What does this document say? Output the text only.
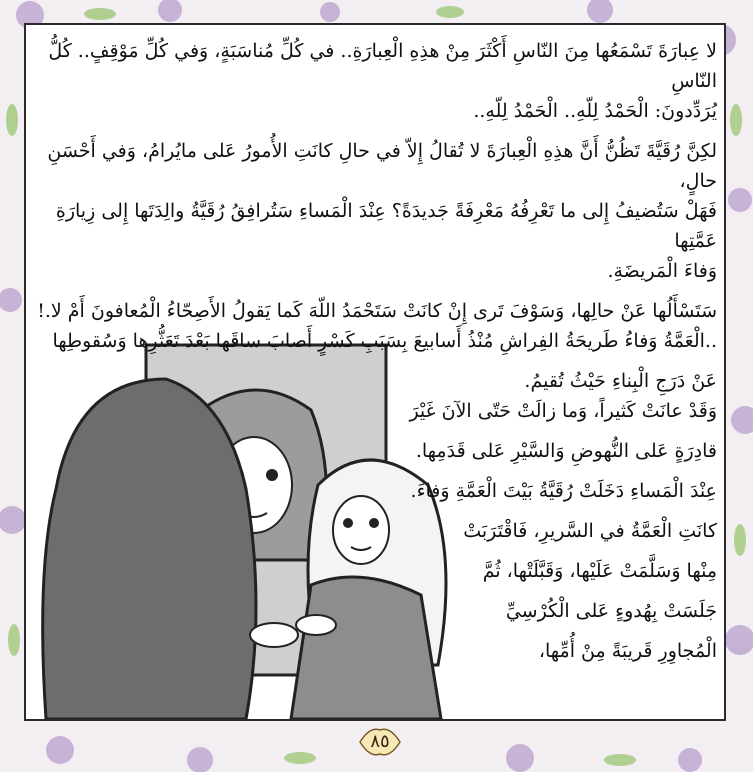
لا عِبارَةَ تَسْمَعُها مِنَ النّاسِ أَكْثَرَ مِنْ هذِهِ الْعِبارَةِ.. في كُلِّ مُناسَبَةٍ، وَفي كُلِّ مَوْقِفٍ.. كُلُّ النّاسِ

يُرَدِّدونَ: الْحَمْدُ لِلّهِ.. الْحَمْدُ لِلّهِ..

لكِنَّ رُقَيَّةَ تَظُنُّ أَنَّ هذِهِ الْعِبارَةَ لا تُقالُ إِلاّ في حالِ كانَتِ الأُمورُ عَلى مايُرامُ، وَفي أَحْسَنِ حالٍ،

فَهَلْ سَتُضيفُ إِلى ما تَعْرِفُهُ مَعْرِفَةً جَديدَةً؟ عِنْدَ الْمَساءِ سَتُرافِقُ رُقَيَّةُ والِدَتَها إِلى زِيارَةِ عَمَّتِها

وَفاءَ الْمَريضَةِ.

سَتَسْأَلُها عَنْ حالِها، وَسَوْفَ تَرى إِنْ كانَتْ سَتَحْمَدُ اللّهَ كَما يَقولُ الأَصِحّاءُ الْمُعافونَ أَمْ لا.!

..الْعَمَّةُ وَفاءُ طَريحَةُ الفِراشِ مُنْذُ أَسابيعَ بِسَبَبِ كَسْرٍ أَصابَ ساقَها بَعْدَ تَعَثُّرِها وَسُقوطِها

عَنْ دَرَجِ الْبِناءِ حَيْثُ تُقيمُ.

وَقَدْ عانَتْ كَثيراً، وَما زالَتْ حَتّى الآنَ غَيْرَ

قادِرَةٍ عَلى النُّهوضِ وَالسَّيْرِ عَلى قَدَمِها.

عِنْدَ الْمَساءِ دَخَلَتْ رُقَيَّةُ بَيْتَ الْعَمَّةِ وَفاءَ.

كانَتِ الْعَمَّةُ في السَّريرِ، فَاقْتَرَبَتْ

مِنْها وَسَلَّمَتْ عَلَيْها، وَقَبَّلَتْها، ثُمَّ

جَلَسَتْ بِهُدوءٍ عَلى الْكُرْسِيِّ

الْمُجاوِرِ قَريبَةً مِنْ أُمِّها،

٨٥
